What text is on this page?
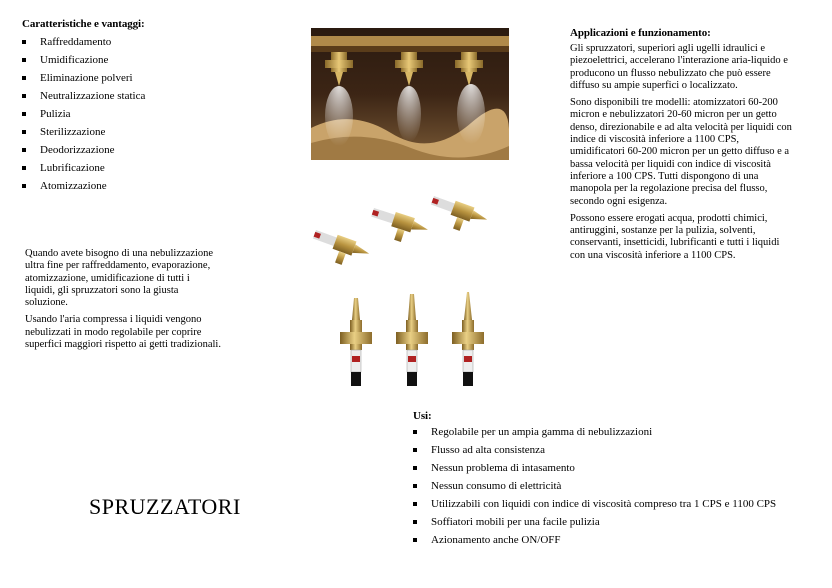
Caratteristiche e vantaggi:
Raffreddamento
Umidificazione
Eliminazione polveri
Neutralizzazione statica
Pulizia
Sterilizzazione
Deodorizzazione
Lubrificazione
Atomizzazione

Quando avete bisogno di una nebulizzazione ultra fine per raffreddamento, evaporazione, atomizzazione, umidificazione di tutti i liquidi, gli spruzzatori sono la giusta soluzione.

Usando l'aria compressa i liquidi vengono nebulizzati in modo regolabile per coprire superfici maggiori rispetto ai getti tradizionali.

SPRUZZATORI
Applicazioni e funzionamento:

Gli spruzzatori, superiori agli ugelli idraulici e piezoelettrici, accelerano l'interazione aria-liquido e producono un flusso nebulizzato che può essere diffuso su ampie superfici o localizzato.

Sono disponibili tre modelli: atomizzatori 60-200 micron e nebulizzatori 20-60 micron per un getto denso, direzionabile e ad alta velocità per liquidi con indice di viscosità inferiore a 1100 CPS, umidificatori 60-200 micron per un getto diffuso e a bassa velocità per liquidi con indice di viscosità inferiore a 100 CPS. Tutti dispongono di una manopola per la regolazione precisa del flusso, secondo ogni esigenza.

Possono essere erogati acqua, prodotti chimici, antiruggini, sostanze per la pulizia, solventi, conservanti, insetticidi, lubrificanti e tutti i liquidi con una viscosità inferiore a 1100 CPS.

Usi:
Regolabile per un ampia gamma di nebulizzazioni
Flusso ad alta consistenza
Nessun problema di intasamento
Nessun consumo di elettricità
Utilizzabili con liquidi con indice di viscosità compreso tra 1 CPS e 1100 CPS
Soffiatori mobili per una facile pulizia
Azionamento anche ON/OFF
